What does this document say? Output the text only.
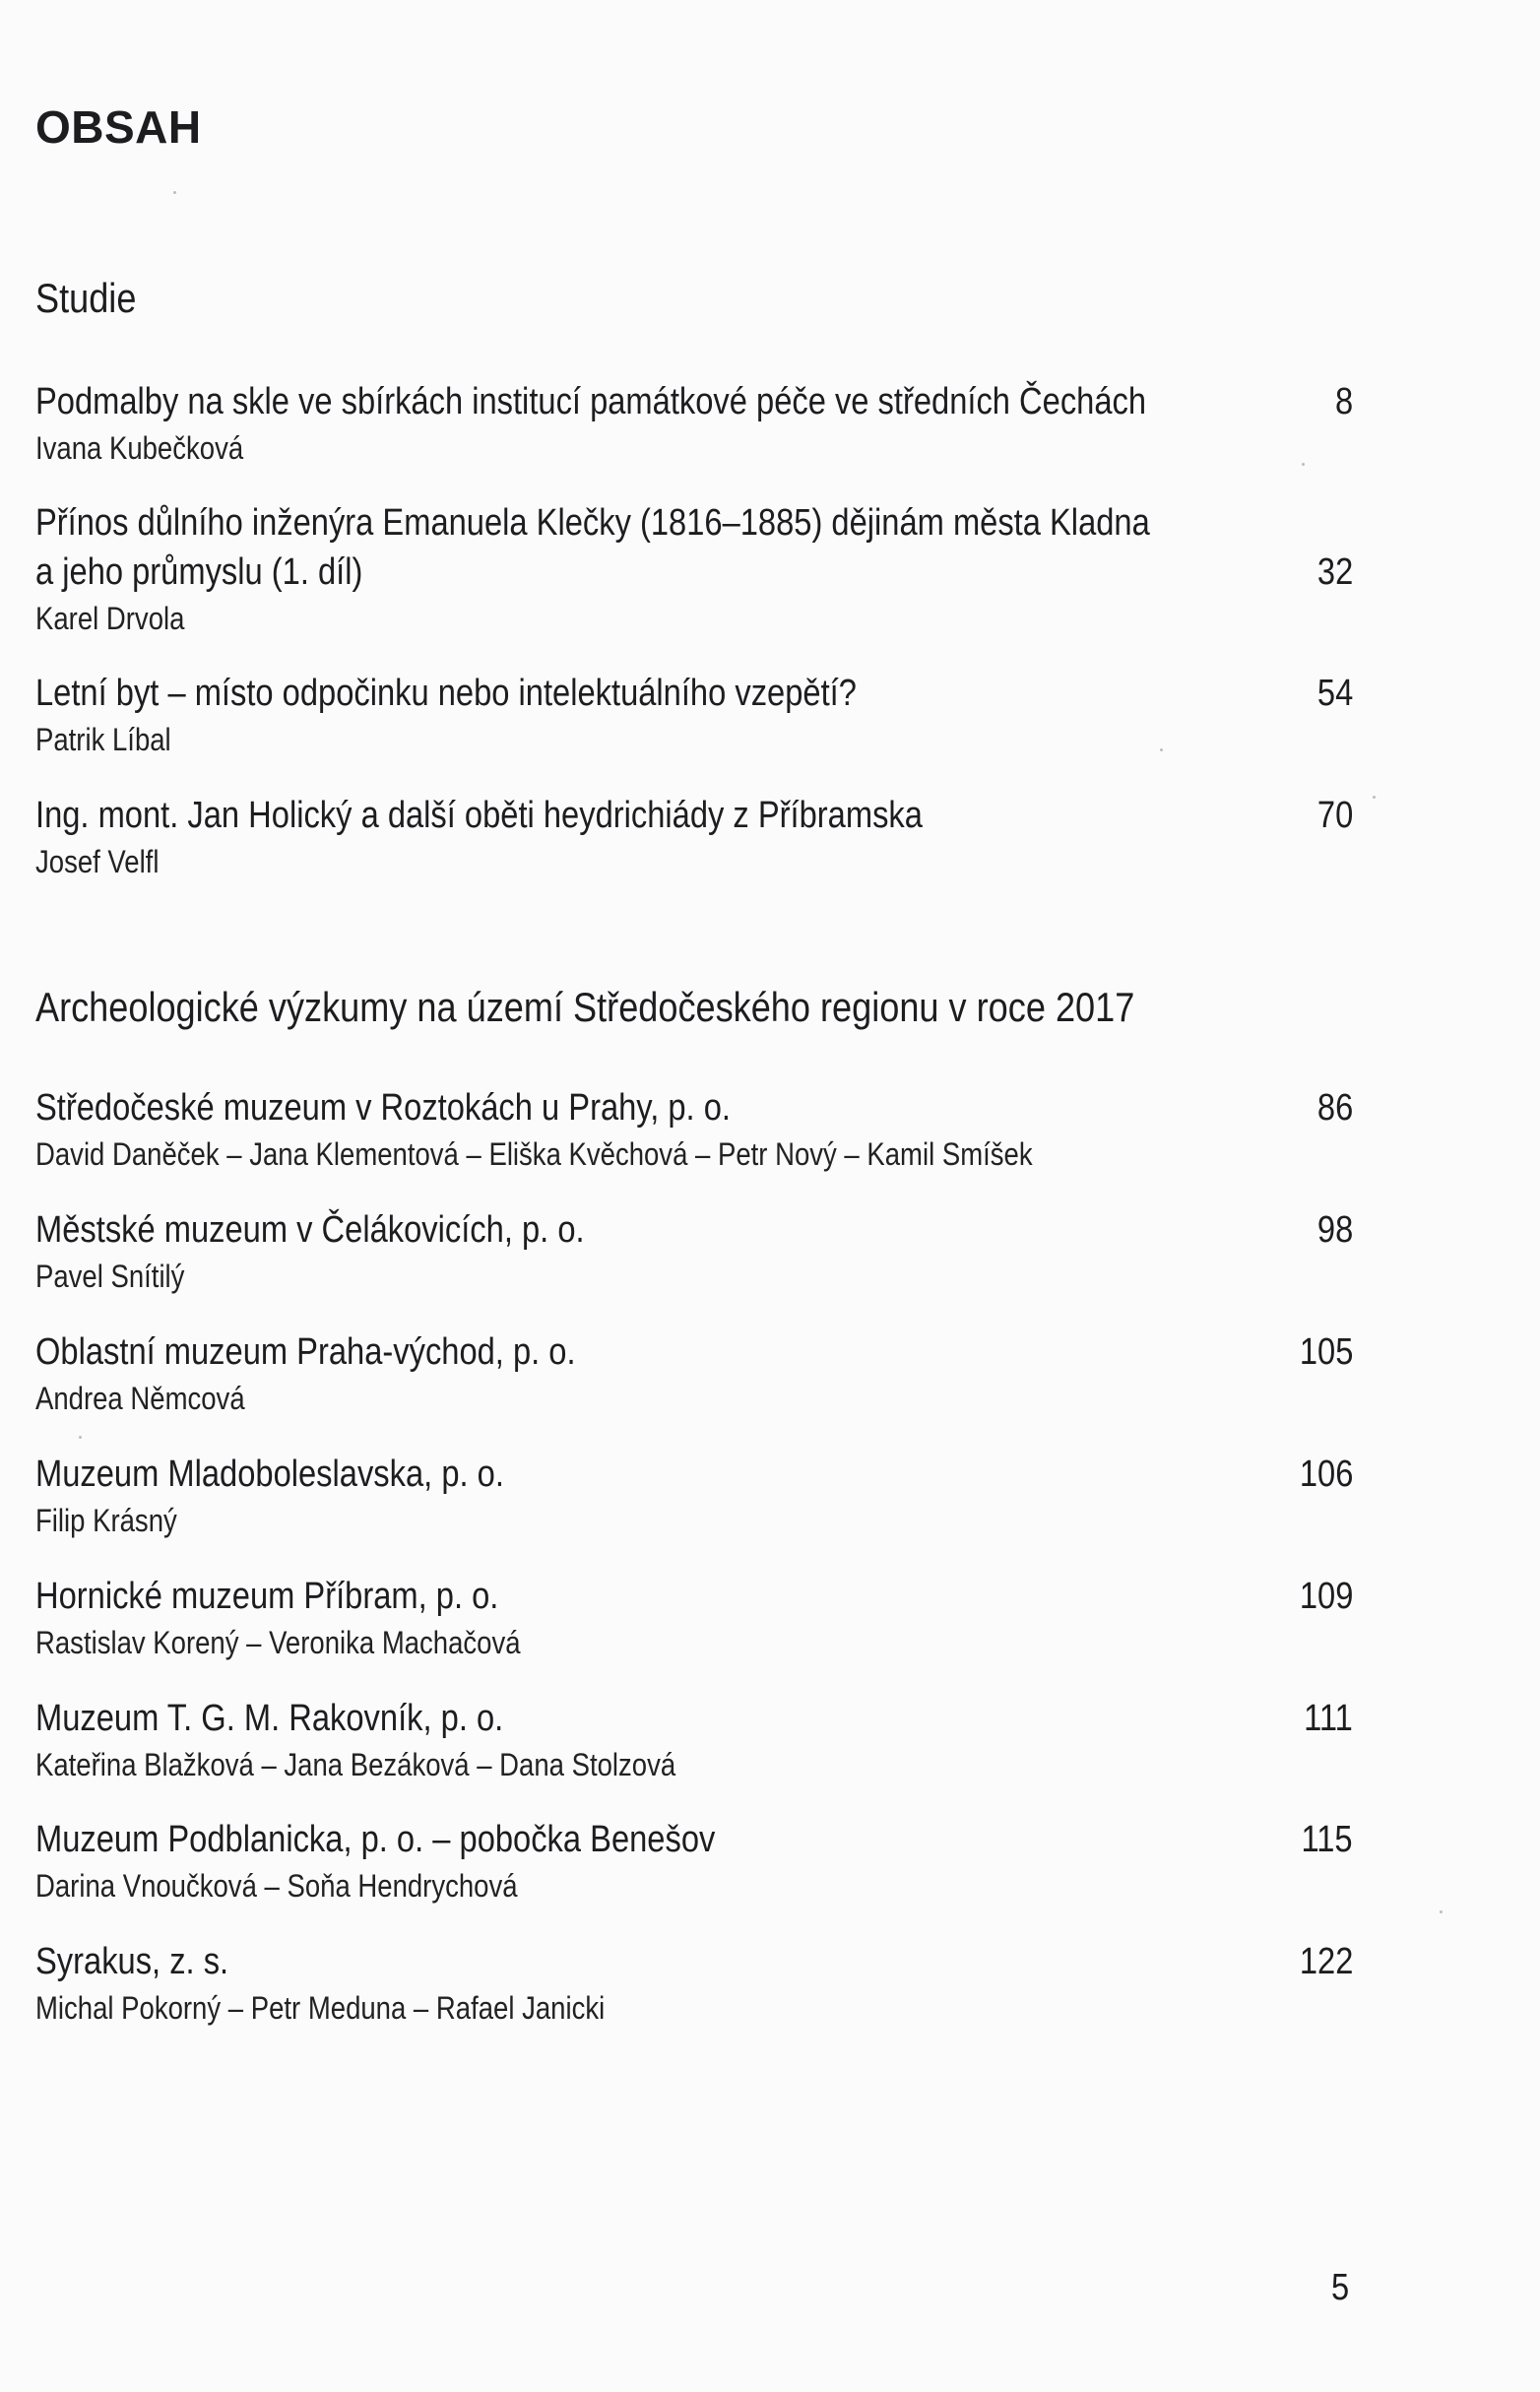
OBSAH
Studie
Podmalby na skle ve sbírkách institucí památkové péče ve středních Čechách	8
Ivana Kubečková
Přínos důlního inženýra Emanuela Klečky (1816–1885) dějinám města Kladna
a jeho průmyslu (1. díl)	32
Karel Drvola
Letní byt – místo odpočinku nebo intelektuálního vzepětí?	54
Patrik Líbal
Ing. mont. Jan Holický a další oběti heydrichiády z Příbramska	70
Josef Velfl
Archeologické výzkumy na území Středočeského regionu v roce 2017
Středočeské muzeum v Roztokách u Prahy, p. o.	86
David Daněček – Jana Klementová – Eliška Kvěchová – Petr Nový – Kamil Smíšek
Městské muzeum v Čelákovicích, p. o.	98
Pavel Snítilý
Oblastní muzeum Praha-východ, p. o.	105
Andrea Němcová
Muzeum Mladoboleslavska, p. o.	106
Filip Krásný
Hornické muzeum Příbram, p. o.	109
Rastislav Korený – Veronika Machačová
Muzeum T. G. M. Rakovník, p. o.	111
Kateřina Blažková – Jana Bezáková – Dana Stolzová
Muzeum Podblanicka, p. o. – pobočka Benešov	115
Darina Vnoučková – Soňa Hendrychová
Syrakus, z. s.	122
Michal Pokorný – Petr Meduna – Rafael Janicki
5
